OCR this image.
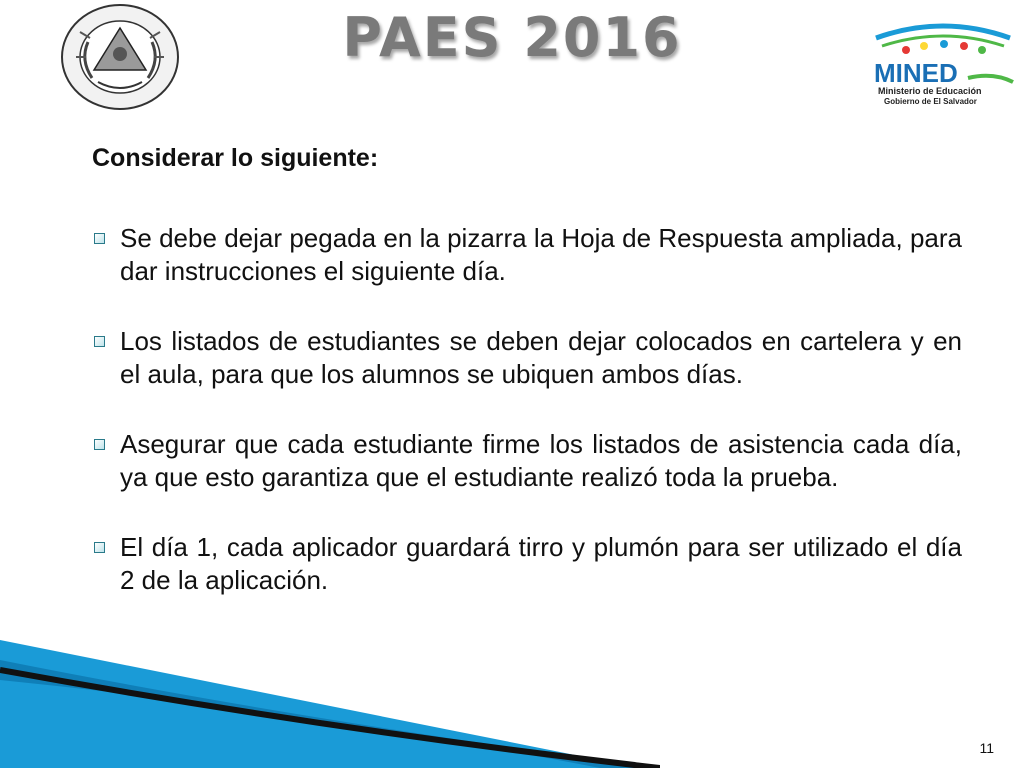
PAES 2016
MINED
Ministerio de Educación
Gobierno de El Salvador
Considerar lo siguiente:
Se debe dejar pegada en la pizarra la Hoja de Respuesta ampliada, para dar instrucciones el siguiente día.
Los listados de estudiantes se deben dejar colocados en cartelera y en el aula, para que los alumnos se ubiquen ambos días.
Asegurar que cada estudiante firme los listados de asistencia cada día, ya que esto garantiza que el estudiante realizó toda la prueba.
El día 1, cada aplicador guardará tirro y plumón para ser utilizado el día 2 de la aplicación.
11
